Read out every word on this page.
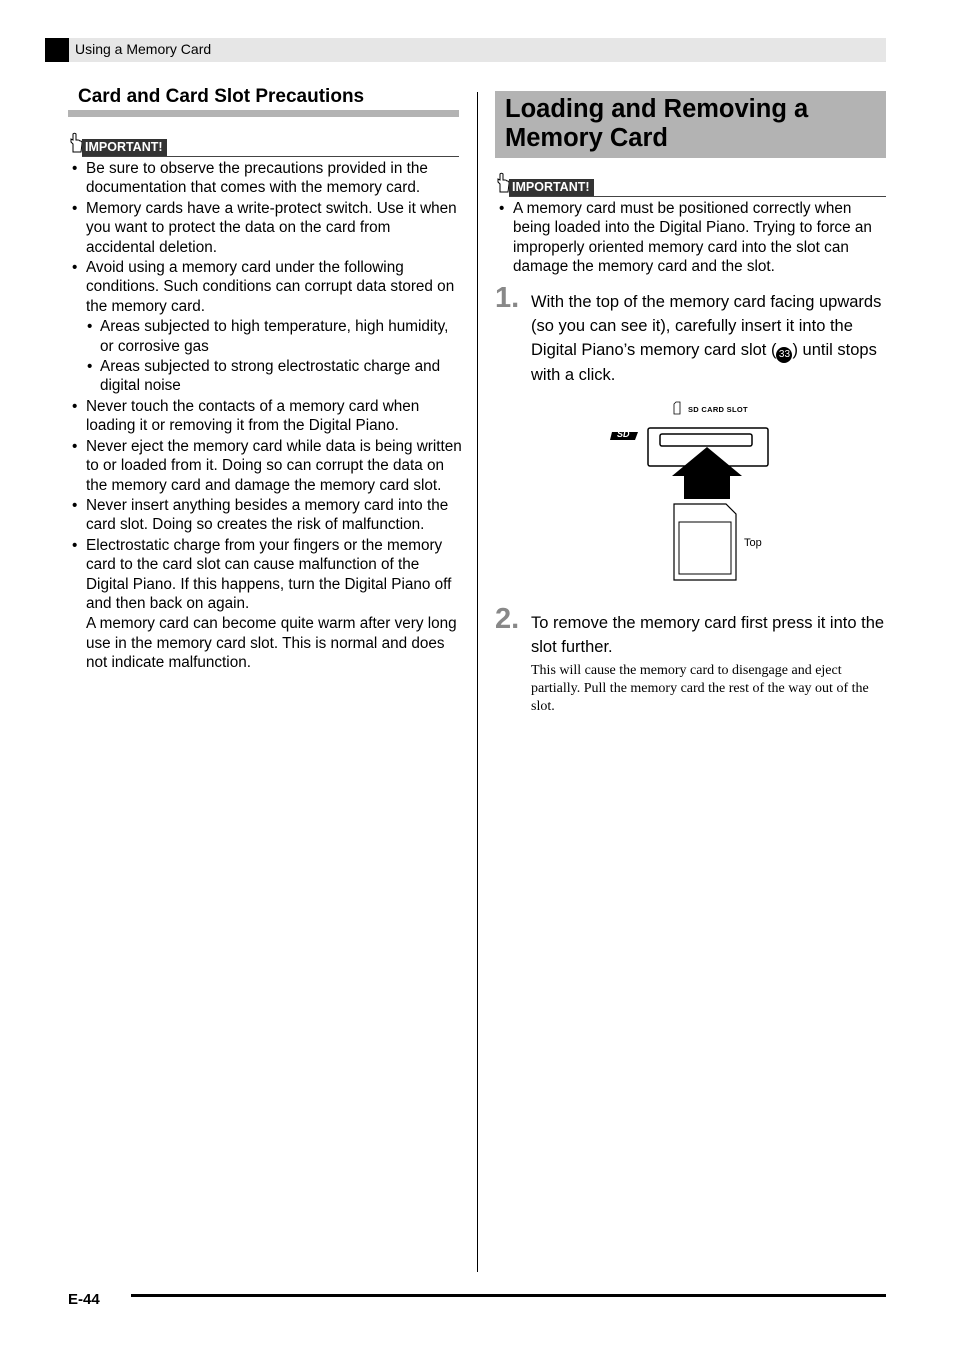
Using a Memory Card
Card and Card Slot Precautions
IMPORTANT!
• Be sure to observe the precautions provided in the documentation that comes with the memory card.
• Memory cards have a write-protect switch. Use it when you want to protect the data on the card from accidental deletion.
• Avoid using a memory card under the following conditions. Such conditions can corrupt data stored on the memory card.
• Areas subjected to high temperature, high humidity, or corrosive gas
• Areas subjected to strong electrostatic charge and digital noise
• Never touch the contacts of a memory card when loading it or removing it from the Digital Piano.
• Never eject the memory card while data is being written to or loaded from it. Doing so can corrupt the data on the memory card and damage the memory card slot.
• Never insert anything besides a memory card into the card slot. Doing so creates the risk of malfunction.
• Electrostatic charge from your fingers or the memory card to the card slot can cause malfunction of the Digital Piano. If this happens, turn the Digital Piano off and then back on again.
A memory card can become quite warm after very long use in the memory card slot. This is normal and does not indicate malfunction.
Loading and Removing a Memory Card
IMPORTANT!
• A memory card must be positioned correctly when being loaded into the Digital Piano. Trying to force an improperly oriented memory card into the slot can damage the memory card and the slot.
1. With the top of the memory card facing upwards (so you can see it), carefully insert it into the Digital Piano’s memory card slot ( 33 ) until stops with a click.
SD CARD SLOT
SD
Top
2. To remove the memory card first press it into the slot further.
This will cause the memory card to disengage and eject partially. Pull the memory card the rest of the way out of the slot.
E-44
